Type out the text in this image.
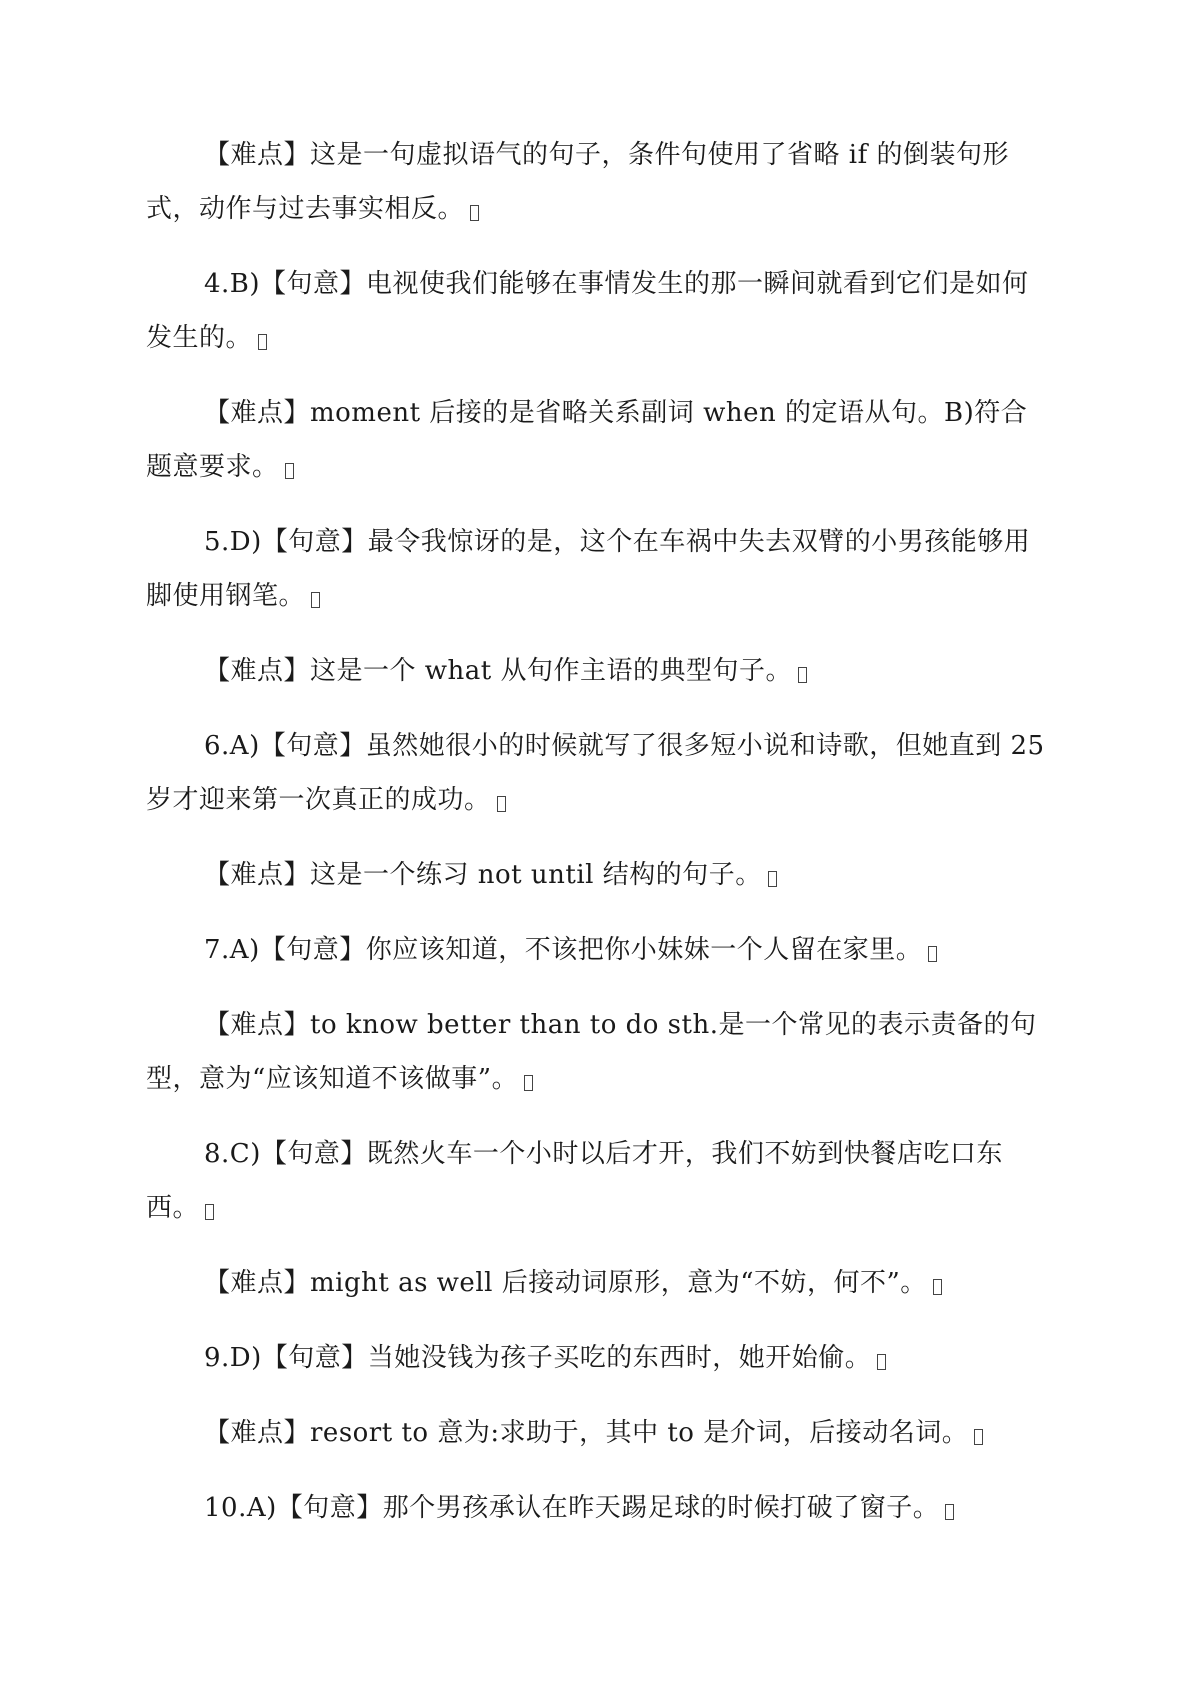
【难点】这是一句虚拟语气的句子，条件句使用了省略 if 的倒装句形式，动作与过去事实相反。

4.B)【句意】电视使我们能够在事情发生的那一瞬间就看到它们是如何发生的。

【难点】moment 后接的是省略关系副词 when 的定语从句。B)符合题意要求。

5.D)【句意】最令我惊讶的是，这个在车祸中失去双臂的小男孩能够用脚使用钢笔。

【难点】这是一个 what 从句作主语的典型句子。

6.A)【句意】虽然她很小的时候就写了很多短小说和诗歌，但她直到 25 岁才迎来第一次真正的成功。

【难点】这是一个练习 not until 结构的句子。

7.A)【句意】你应该知道，不该把你小妹妹一个人留在家里。

【难点】to know better than to do sth.是一个常见的表示责备的句型，意为“应该知道不该做事”。

8.C)【句意】既然火车一个小时以后才开，我们不妨到快餐店吃口东西。

【难点】might as well 后接动词原形，意为“不妨，何不”。

9.D)【句意】当她没钱为孩子买吃的东西时，她开始偷。

【难点】resort to 意为:求助于，其中 to 是介词，后接动名词。

10.A)【句意】那个男孩承认在昨天踢足球的时候打破了窗子。
